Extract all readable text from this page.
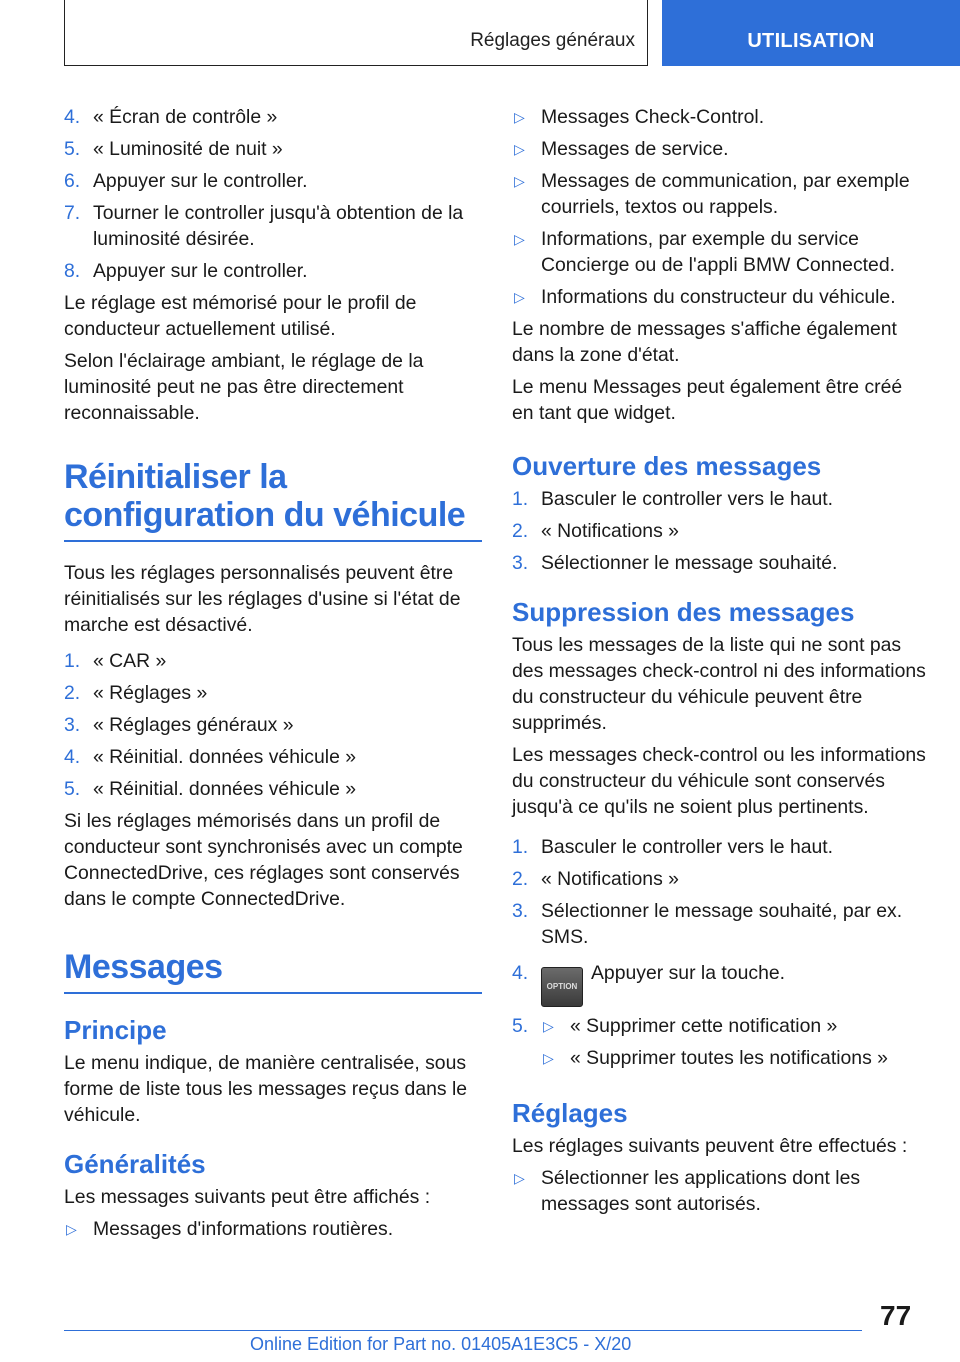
Réglages généraux	UTILISATION
4. « Écran de contrôle »
5. « Luminosité de nuit »
6. Appuyer sur le controller.
7. Tourner le controller jusqu'à obtention de la luminosité désirée.
8. Appuyer sur le controller.

Le réglage est mémorisé pour le profil de conducteur actuellement utilisé.

Selon l'éclairage ambiant, le réglage de la luminosité peut ne pas être directement reconnaissable.

Réinitialiser la configuration du véhicule

Tous les réglages personnalisés peuvent être réinitialisés sur les réglages d'usine si l'état de marche est désactivé.

1. « CAR »
2. « Réglages »
3. « Réglages généraux »
4. « Réinitial. données véhicule »
5. « Réinitial. données véhicule »

Si les réglages mémorisés dans un profil de conducteur sont synchronisés avec un compte ConnectedDrive, ces réglages sont conservés dans le compte ConnectedDrive.

Messages
Principe

Le menu indique, de manière centralisée, sous forme de liste tous les messages reçus dans le véhicule.

Généralités

Les messages suivants peut être affichés :

▷ Messages d'informations routières.
▷ Messages Check-Control.
▷ Messages de service.
▷ Messages de communication, par exemple courriels, textos ou rappels.
▷ Informations, par exemple du service Concierge ou de l'appli BMW Connected.
▷ Informations du constructeur du véhicule.

Le nombre de messages s'affiche également dans la zone d'état.

Le menu Messages peut également être créé en tant que widget.

Ouverture des messages
1. Basculer le controller vers le haut.
2. « Notifications »
3. Sélectionner le message souhaité.
Suppression des messages

Tous les messages de la liste qui ne sont pas des messages check-control ni des informations du constructeur du véhicule peuvent être supprimés.

Les messages check-control ou les informations du constructeur du véhicule sont conservés jusqu'à ce qu'ils ne soient plus pertinents.

1. Basculer le controller vers le haut.
2. « Notifications »
3. Sélectionner le message souhaité, par ex. SMS.
4.
OPTIONAppuyer sur la touche.
5.	▷ « Supprimer cette notification »
▷ « Supprimer toutes les notifications »
Réglages

Les réglages suivants peuvent être effectués :

▷ Sélectionner les applications dont les messages sont autorisés.
77
Online Edition for Part no. 01405A1E3C5 - X/20
